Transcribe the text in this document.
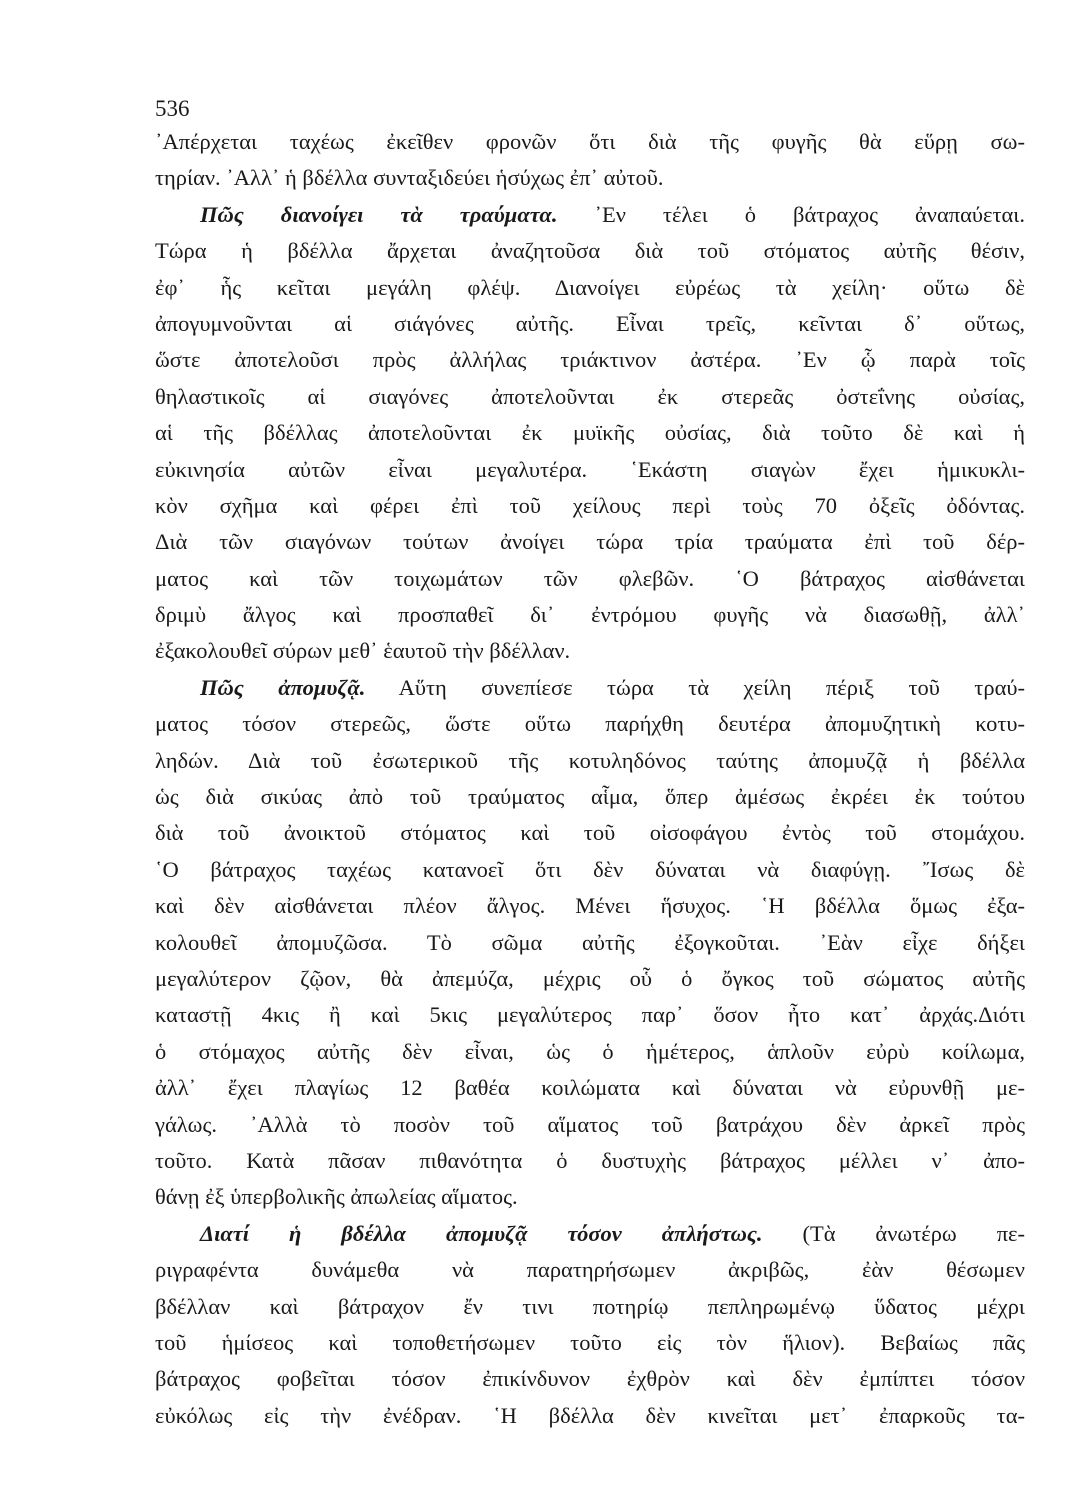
536
᾿Απέρχεται ταχέως ἐκεῖθεν φρονῶν ὅτι διὰ τῆς φυγῆς θὰ εὕρῃ σω-
τηρίαν. ᾿Αλλ᾿ ἡ βδέλλα συνταξιδεύει ἡσύχως ἐπ᾿ αὐτοῦ.
Πῶς διανοίγει τὰ τραύματα. ᾿Εν τέλει ὁ βάτραχος ἀναπαύεται.
Τώρα ἡ βδέλλα ἄρχεται ἀναζητοῦσα διὰ τοῦ στόματος αὐτῆς θέσιν,
ἐφ᾿ ἧς κεῖται μεγάλη φλέψ. Διανοίγει εὐρέως τὰ χείλη· οὕτω δὲ
ἀπογυμνοῦνται αἱ σιάγόνες αὐτῆς. Εἶναι τρεῖς, κεῖνται δ᾿ οὕτως,
ὥστε ἀποτελοῦσι πρὸς ἀλλήλας τριάκτινον ἀστέρα. ᾿Εν ᾧ παρὰ τοῖς
θηλαστικοῖς αἱ σιαγόνες ἀποτελοῦνται ἐκ στερεᾶς ὀστεΐνης οὐσίας,
αἱ τῆς βδέλλας ἀποτελοῦνται ἐκ μυϊκῆς οὐσίας, διὰ τοῦτο δὲ καὶ ἡ
εὐκινησία αὐτῶν εἶναι μεγαλυτέρα. ῾Εκάστη σιαγὼν ἔχει ἡμικυκλι-
κὸν σχῆμα καὶ φέρει ἐπὶ τοῦ χείλους περὶ τοὺς 70 ὀξεῖς ὀδόντας.
Διὰ τῶν σιαγόνων τούτων ἀνοίγει τώρα τρία τραύματα ἐπὶ τοῦ δέρ-
ματος καὶ τῶν τοιχωμάτων τῶν φλεβῶν. ῾Ο βάτραχος αἰσθάνεται
δριμὺ ἄλγος καὶ προσπαθεῖ δι᾿ ἐντρόμου φυγῆς νὰ διασωθῇ, ἀλλ᾿
ἐξακολουθεῖ σύρων μεθ᾿ ἑαυτοῦ τὴν βδέλλαν.
Πῶς ἀπομυζᾷ. Αὕτη συνεπίεσε τώρα τὰ χείλη πέριξ τοῦ τραύ-
ματος τόσον στερεῶς, ὥστε οὕτω παρήχθη δευτέρα ἀπομυζητικὴ κοτυ-
ληδών. Διὰ τοῦ ἐσωτερικοῦ τῆς κοτυληδόνος ταύτης ἀπομυζᾷ ἡ βδέλλα
ὡς διὰ σικύας ἀπὸ τοῦ τραύματος αἷμα, ὅπερ ἀμέσως ἐκρέει ἐκ τούτου
διὰ τοῦ ἀνοικτοῦ στόματος καὶ τοῦ οἰσοφάγου ἐντὸς τοῦ στομάχου.
῾Ο βάτραχος ταχέως κατανοεῖ ὅτι δὲν δύναται νὰ διαφύγῃ. ῎Ισως δὲ
καὶ δὲν αἰσθάνεται πλέον ἄλγος. Μένει ἥσυχος. ῾Η βδέλλα ὅμως ἐξα-
κολουθεῖ ἀπομυζῶσα. Τὸ σῶμα αὐτῆς ἐξογκοῦται. ᾿Εὰν εἶχε δήξει
μεγαλύτερον ζῷον, θὰ ἀπεμύζα, μέχρις οὗ ὁ ὄγκος τοῦ σώματος αὐτῆς
καταστῇ 4κις ἢ καὶ 5κις μεγαλύτερος παρ᾿ ὅσον ἦτο κατ᾿ ἀρχάς.Διότι
ὁ στόμαχος αὐτῆς δὲν εἶναι, ὡς ὁ ἡμέτερος, ἁπλοῦν εὐρὺ κοίλωμα,
ἀλλ᾿ ἔχει πλαγίως 12 βαθέα κοιλώματα καὶ δύναται νὰ εὐρυνθῇ με-
γάλως. ᾿Αλλὰ τὸ ποσὸν τοῦ αἵματος τοῦ βατράχου δὲν ἀρκεῖ πρὸς
τοῦτο. Κατὰ πᾶσαν πιθανότητα ὁ δυστυχὴς βάτραχος μέλλει ν᾿ ἀπο-
θάνῃ ἐξ ὑπερβολικῆς ἀπωλείας αἵματος.
Διατί ἡ βδέλλα ἀπομυζᾷ τόσον ἀπλήστως. (Τὰ ἀνωτέρω πε-
ριγραφέντα δυνάμεθα νὰ παρατηρήσωμεν ἀκριβῶς, ἐὰν θέσωμεν
βδέλλαν καὶ βάτραχον ἔν τινι ποτηρίῳ πεπληρωμένῳ ὕδατος μέχρι
τοῦ ἡμίσεος καὶ τοποθετήσωμεν τοῦτο εἰς τὸν ἥλιον). Βεβαίως πᾶς
βάτραχος φοβεῖται τόσον ἐπικίνδυνον ἐχθρὸν καὶ δὲν ἐμπίπτει τόσον
εὐκόλως εἰς τὴν ἐνέδραν. ῾Η βδέλλα δὲν κινεῖται μετ᾿ ἐπαρκοῦς τα-
